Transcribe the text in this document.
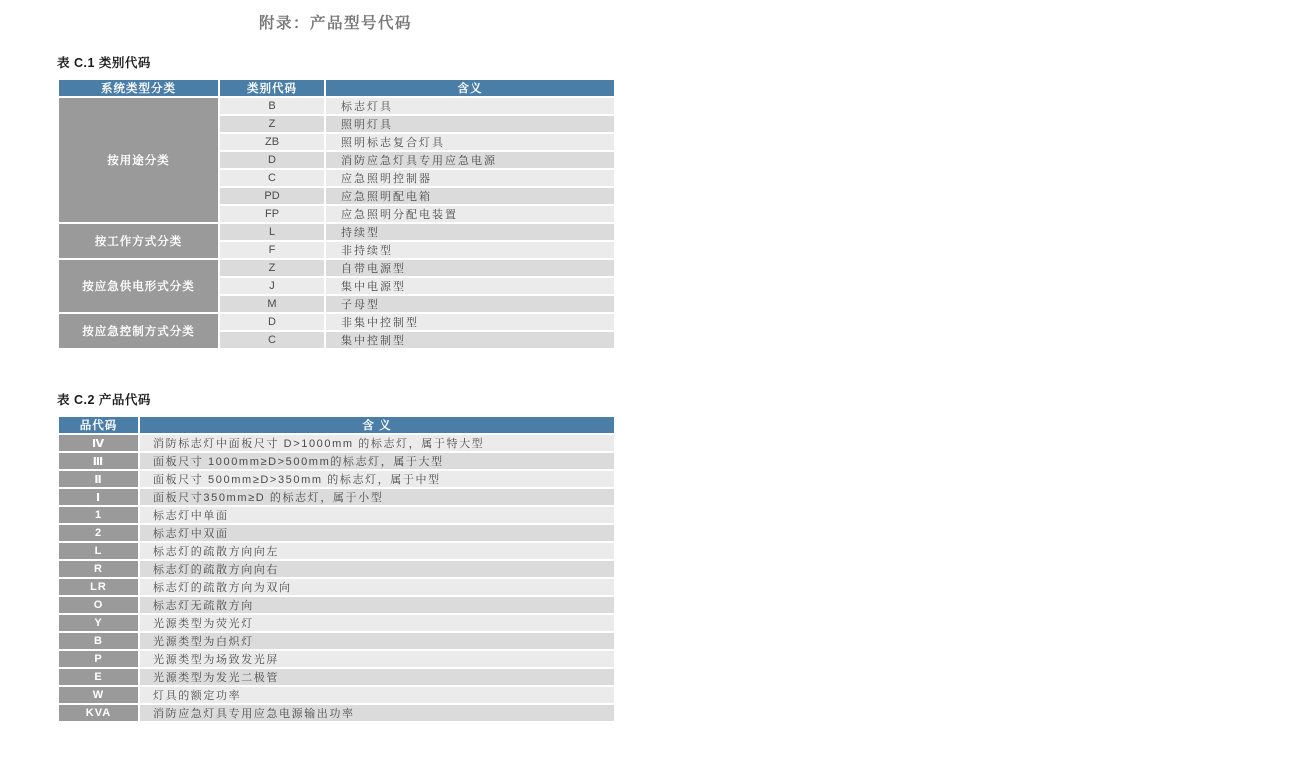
附录：产品型号代码
表 C.1 类别代码
系统类型分类	类别代码	含义
按用途分类	B	标志灯具
	Z	照明灯具
	ZB	照明标志复合灯具
	D	消防应急灯具专用应急电源
	C	应急照明控制器
	PD	应急照明配电箱
	FP	应急照明分配电装置
按工作方式分类	L	持续型
	F	非持续型
按应急供电形式分类	Z	自带电源型
	J	集中电源型
	M	子母型
按应急控制方式分类	D	非集中控制型
	C	集中控制型
表 C.2 产品代码
品代码	含 义
Ⅳ	消防标志灯中面板尺寸 D>1000mm 的标志灯，属于特大型
Ⅲ	面板尺寸 1000mm≥D>500mm的标志灯，属于大型
Ⅱ	面板尺寸 500mm≥D>350mm 的标志灯，属于中型
Ⅰ	面板尺寸350mm≥D 的标志灯，属于小型
1	标志灯中单面
2	标志灯中双面
L	标志灯的疏散方向向左
R	标志灯的疏散方向向右
LR	标志灯的疏散方向为双向
O	标志灯无疏散方向
Y	光源类型为荧光灯
B	光源类型为白炽灯
P	光源类型为场致发光屏
E	光源类型为发光二极管
W	灯具的额定功率
KVA	消防应急灯具专用应急电源输出功率
